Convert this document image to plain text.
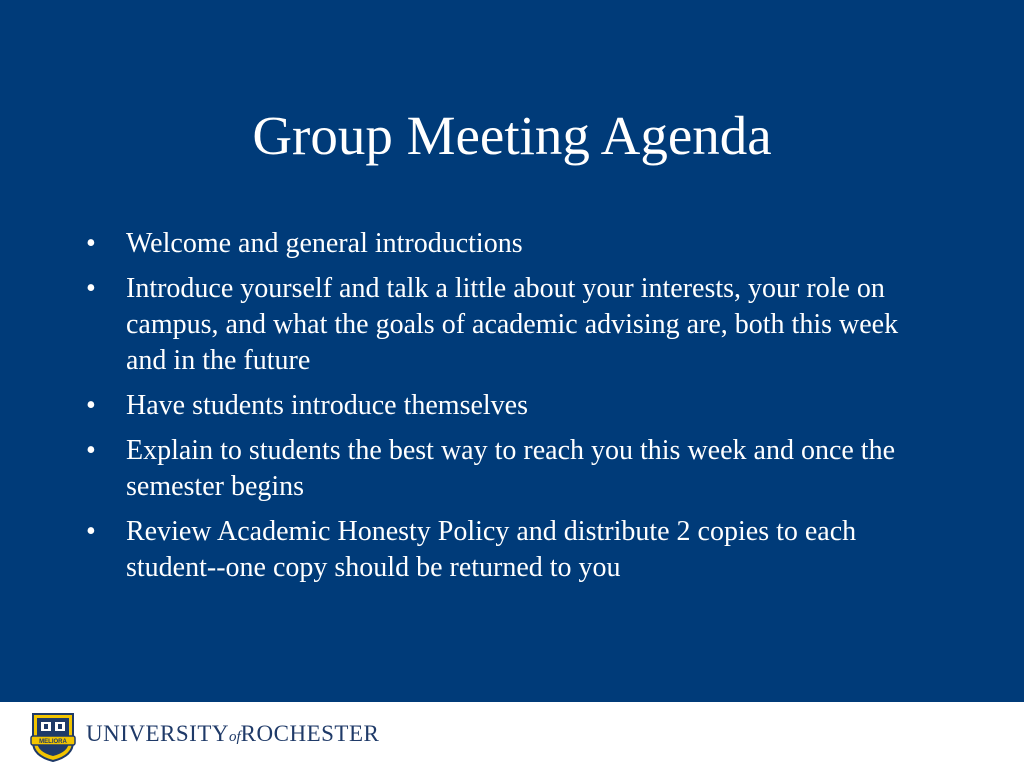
Group Meeting Agenda
•	Welcome and general introductions
•	Introduce yourself and talk a little about your interests, your role on campus, and what the goals of academic advising are, both this week and in the future
•	Have students introduce themselves
•	Explain to students the best way to reach you this week and once the semester begins
•	Review Academic Honesty Policy and distribute 2 copies to each student--one copy should be returned to you
MELIORA UNIVERSITYofROCHESTER
